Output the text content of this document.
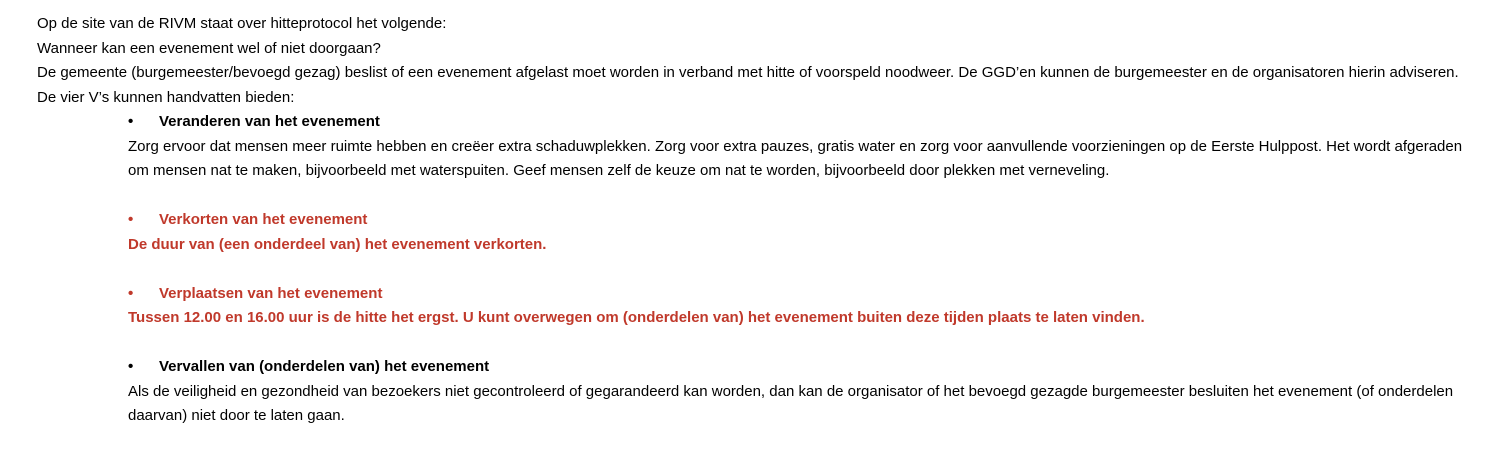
Op de site van de RIVM staat over hitteprotocol het volgende:

Wanneer kan een evenement wel of niet doorgaan?

De gemeente (burgemeester/bevoegd gezag) beslist of een evenement afgelast moet worden in verband met hitte of voorspeld noodweer. De GGD’en kunnen de burgemeester en de organisatoren hierin adviseren. De vier V’s kunnen handvatten bieden:

•	Veranderen van het evenement

Zorg ervoor dat mensen meer ruimte hebben en creëer extra schaduwplekken. Zorg voor extra pauzes, gratis water en zorg voor aanvullende voorzieningen op de Eerste Hulppost. Het wordt afgeraden om mensen nat te maken, bijvoorbeeld met waterspuiten. Geef mensen zelf de keuze om nat te worden, bijvoorbeeld door plekken met verneveling.

•	Verkorten van het evenement

De duur van (een onderdeel van) het evenement verkorten.

•	Verplaatsen van het evenement

Tussen 12.00 en 16.00 uur is de hitte het ergst. U kunt overwegen om (onderdelen van) het evenement buiten deze tijden plaats te laten vinden.

•	Vervallen van (onderdelen van) het evenement

Als de veiligheid en gezondheid van bezoekers niet gecontroleerd of gegarandeerd kan worden, dan kan de organisator of het bevoegd gezagde burgemeester besluiten het evenement (of onderdelen daarvan) niet door te laten gaan.
